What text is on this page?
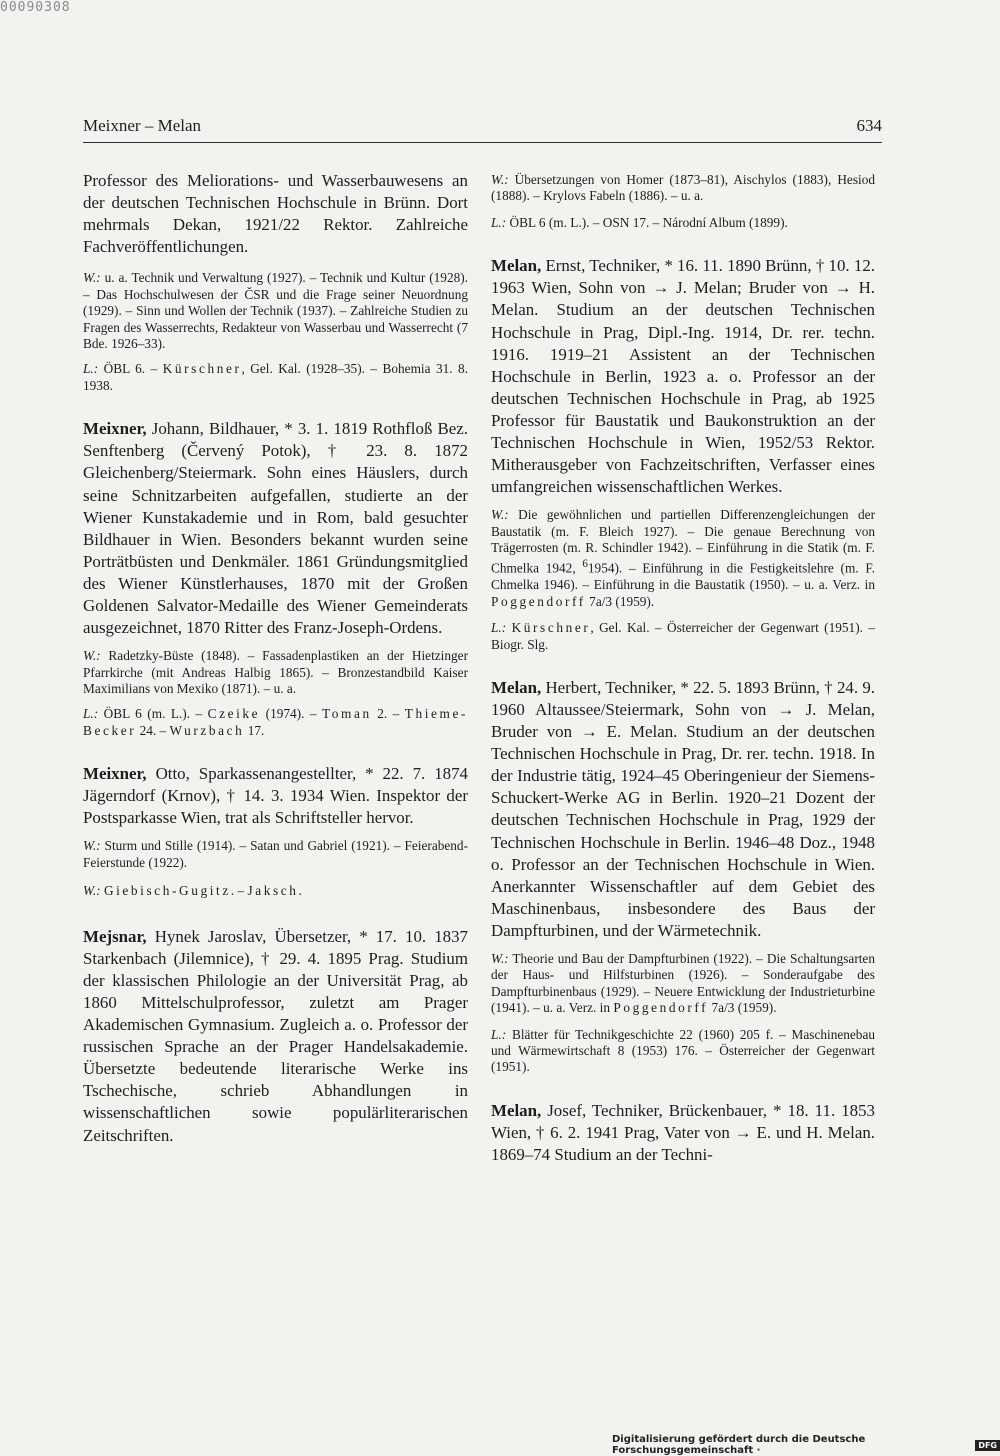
00090308
Meixner – Melan	634

Professor des Meliorations- und Wasserbauwesens an der deutschen Technischen Hochschule in Brünn. Dort mehrmals Dekan, 1921/22 Rektor. Zahlreiche Fachveröffentlichungen.

W.: u. a. Technik und Verwaltung (1927). – Technik und Kultur (1928). – Das Hochschulwesen der ČSR und die Frage seiner Neuordnung (1929). – Sinn und Wollen der Technik (1937). – Zahlreiche Studien zu Fragen des Wasserrechts, Redakteur von Wasserbau und Wasserrecht (7 Bde. 1926–33).

L.: ÖBL 6. – Kürschner, Gel. Kal. (1928–35). – Bohemia 31. 8. 1938.

Meixner, Johann, Bildhauer, * 3. 1. 1819 Rothfloß Bez. Senftenberg (Červený Potok), † 23. 8. 1872 Gleichenberg/Steiermark. Sohn eines Häuslers, durch seine Schnitzarbeiten aufgefallen, studierte an der Wiener Kunstakademie und in Rom, bald gesuchter Bildhauer in Wien. Besonders bekannt wurden seine Porträtbüsten und Denkmäler. 1861 Gründungsmitglied des Wiener Künstlerhauses, 1870 mit der Großen Goldenen Salvator-Medaille des Wiener Gemeinderats ausgezeichnet, 1870 Ritter des Franz-Joseph-Ordens.

W.: Radetzky-Büste (1848). – Fassadenplastiken an der Hietzinger Pfarrkirche (mit Andreas Halbig 1865). – Bronzestandbild Kaiser Maximilians von Mexiko (1871). – u. a.

L.: ÖBL 6 (m. L.). – Czeike (1974). – Toman 2. – Thieme-Becker 24. – Wurzbach 17.

Meixner, Otto, Sparkassenangestellter, * 22. 7. 1874 Jägerndorf (Krnov), † 14. 3. 1934 Wien. Inspektor der Postsparkasse Wien, trat als Schriftsteller hervor.

W.: Sturm und Stille (1914). – Satan und Gabriel (1921). – Feierabend-Feierstunde (1922).

W.: Giebisch-Gugitz. – Jaksch.

Mejsnar, Hynek Jaroslav, Übersetzer, * 17. 10. 1837 Starkenbach (Jilemnice), † 29. 4. 1895 Prag. Studium der klassischen Philologie an der Universität Prag, ab 1860 Mittelschulprofessor, zuletzt am Prager Akademischen Gymnasium. Zugleich a. o. Professor der russischen Sprache an der Prager Handelsakademie. Übersetzte bedeutende literarische Werke ins Tschechische, schrieb Abhandlungen in wissenschaftlichen sowie populärliterarischen Zeitschriften.

W.: Übersetzungen von Homer (1873–81), Aischylos (1883), Hesiod (1888). – Krylovs Fabeln (1886). – u. a.

L.: ÖBL 6 (m. L.). – OSN 17. – Národní Album (1899).

Melan, Ernst, Techniker, * 16. 11. 1890 Brünn, † 10. 12. 1963 Wien, Sohn von → J. Melan; Bruder von → H. Melan. Studium an der deutschen Technischen Hochschule in Prag, Dipl.-Ing. 1914, Dr. rer. techn. 1916. 1919–21 Assistent an der Technischen Hochschule in Berlin, 1923 a. o. Professor an der deutschen Technischen Hochschule in Prag, ab 1925 Professor für Baustatik und Baukonstruktion an der Technischen Hochschule in Wien, 1952/53 Rektor. Mitherausgeber von Fachzeitschriften, Verfasser eines umfangreichen wissenschaftlichen Werkes.

W.: Die gewöhnlichen und partiellen Differenzengleichungen der Baustatik (m. F. Bleich 1927). – Die genaue Berechnung von Trägerrosten (m. R. Schindler 1942). – Einführung in die Statik (m. F. Chmelka 1942, $^6$1954). – Einführung in die Festigkeitslehre (m. F. Chmelka 1946). – Einführung in die Baustatik (1950). – u. a. Verz. in Poggendorff 7a/3 (1959).

L.: Kürschner, Gel. Kal. – Österreicher der Gegenwart (1951). – Biogr. Slg.

Melan, Herbert, Techniker, * 22. 5. 1893 Brünn, † 24. 9. 1960 Altaussee/Steiermark, Sohn von → J. Melan, Bruder von → E. Melan. Studium an der deutschen Technischen Hochschule in Prag, Dr. rer. techn. 1918. In der Industrie tätig, 1924–45 Oberingenieur der Siemens-Schuckert-Werke AG in Berlin. 1920–21 Dozent der deutschen Technischen Hochschule in Prag, 1929 der Technischen Hochschule in Berlin. 1946–48 Doz., 1948 o. Professor an der Technischen Hochschule in Wien. Anerkannter Wissenschaftler auf dem Gebiet des Maschinenbaus, insbesondere des Baus der Dampfturbinen, und der Wärmetechnik.

W.: Theorie und Bau der Dampfturbinen (1922). – Die Schaltungsarten der Haus- und Hilfsturbinen (1926). – Sonderaufgabe des Dampfturbinenbaus (1929). – Neuere Entwicklung der Industrieturbine (1941). – u. a. Verz. in Poggendorff 7a/3 (1959).

L.: Blätter für Technikgeschichte 22 (1960) 205 f. – Maschinenebau und Wärmewirtschaft 8 (1953) 176. – Österreicher der Gegenwart (1951).

Melan, Josef, Techniker, Brückenbauer, * 18. 11. 1853 Wien, † 6. 2. 1941 Prag, Vater von → E. und H. Melan. 1869–74 Studium an der Techni-

Digitalisierung gefördert durch die Deutsche Forschungsgemeinschaft ·	DFG
